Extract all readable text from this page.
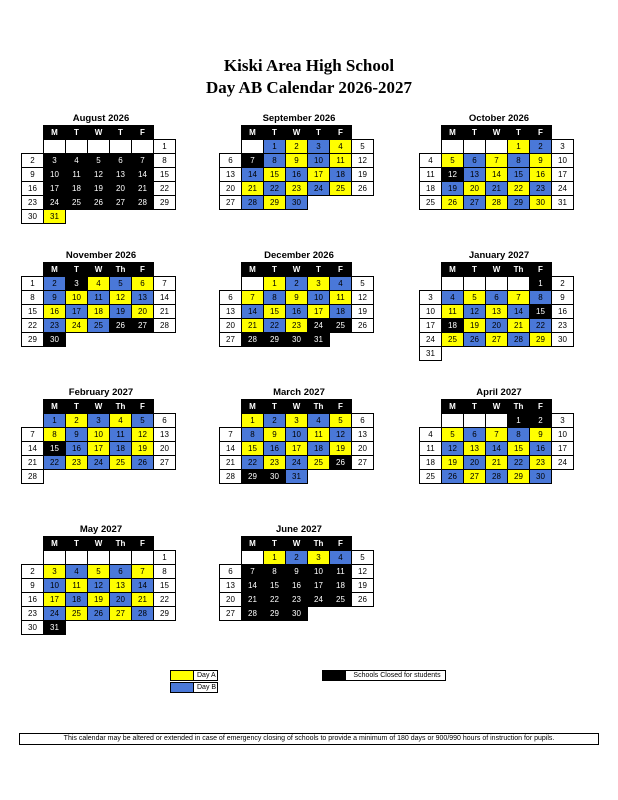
Kiski Area High School
Day AB Calendar 2026-2027
August 2026
	M	T	W	T	F	
						1
2	3	4	5	6	7	8
9	10	11	12	13	14	15
16	17	18	19	20	21	22
23	24	25	26	27	28	29
30	31					
September 2026
	M	T	W	T	F	
		1	2	3	4	5
6	7	8	9	10	11	12
13	14	15	16	17	18	19
20	21	22	23	24	25	26
27	28	29	30			
October 2026
	M	T	W	T	F	
				1	2	3
4	5	6	7	8	9	10
11	12	13	14	15	16	17
18	19	20	21	22	23	24
25	26	27	28	29	30	31
November 2026
	M	T	W	Th	F	
1	2	3	4	5	6	7
8	9	10	11	12	13	14
15	16	17	18	19	20	21
22	23	24	25	26	27	28
29	30					
December 2026
	M	T	W	T	F	
		1	2	3	4	5
6	7	8	9	10	11	12
13	14	15	16	17	18	19
20	21	22	23	24	25	26
27	28	29	30	31		
January 2027
	M	T	W	Th	F	
					1	2
3	4	5	6	7	8	9
10	11	12	13	14	15	16
17	18	19	20	21	22	23
24	25	26	27	28	29	30
31						
February 2027
	M	T	W	Th	F	
	1	2	3	4	5	6
7	8	9	10	11	12	13
14	15	16	17	18	19	20
21	22	23	24	25	26	27
28						
March 2027
	M	T	W	Th	F	
	1	2	3	4	5	6
7	8	9	10	11	12	13
14	15	16	17	18	19	20
21	22	23	24	25	26	27
28	29	30	31			
April 2027
	M	T	W	Th	F	
				1	2	3
4	5	6	7	8	9	10
11	12	13	14	15	16	17
18	19	20	21	22	23	24
25	26	27	28	29	30	
May 2027
	M	T	W	Th	F	
						1
2	3	4	5	6	7	8
9	10	11	12	13	14	15
16	17	18	19	20	21	22
23	24	25	26	27	28	29
30	31					
June 2027
	M	T	W	Th	F	
		1	2	3	4	5
6	7	8	9	10	11	12
13	14	15	16	17	18	19
20	21	22	23	24	25	26
27	28	29	30			
Day A
Day B
Schools Closed for students
This calendar may be altered or extended in case of emergency closing of schools to provide a minimum of 180 days or 900/990 hours of instruction for pupils.
